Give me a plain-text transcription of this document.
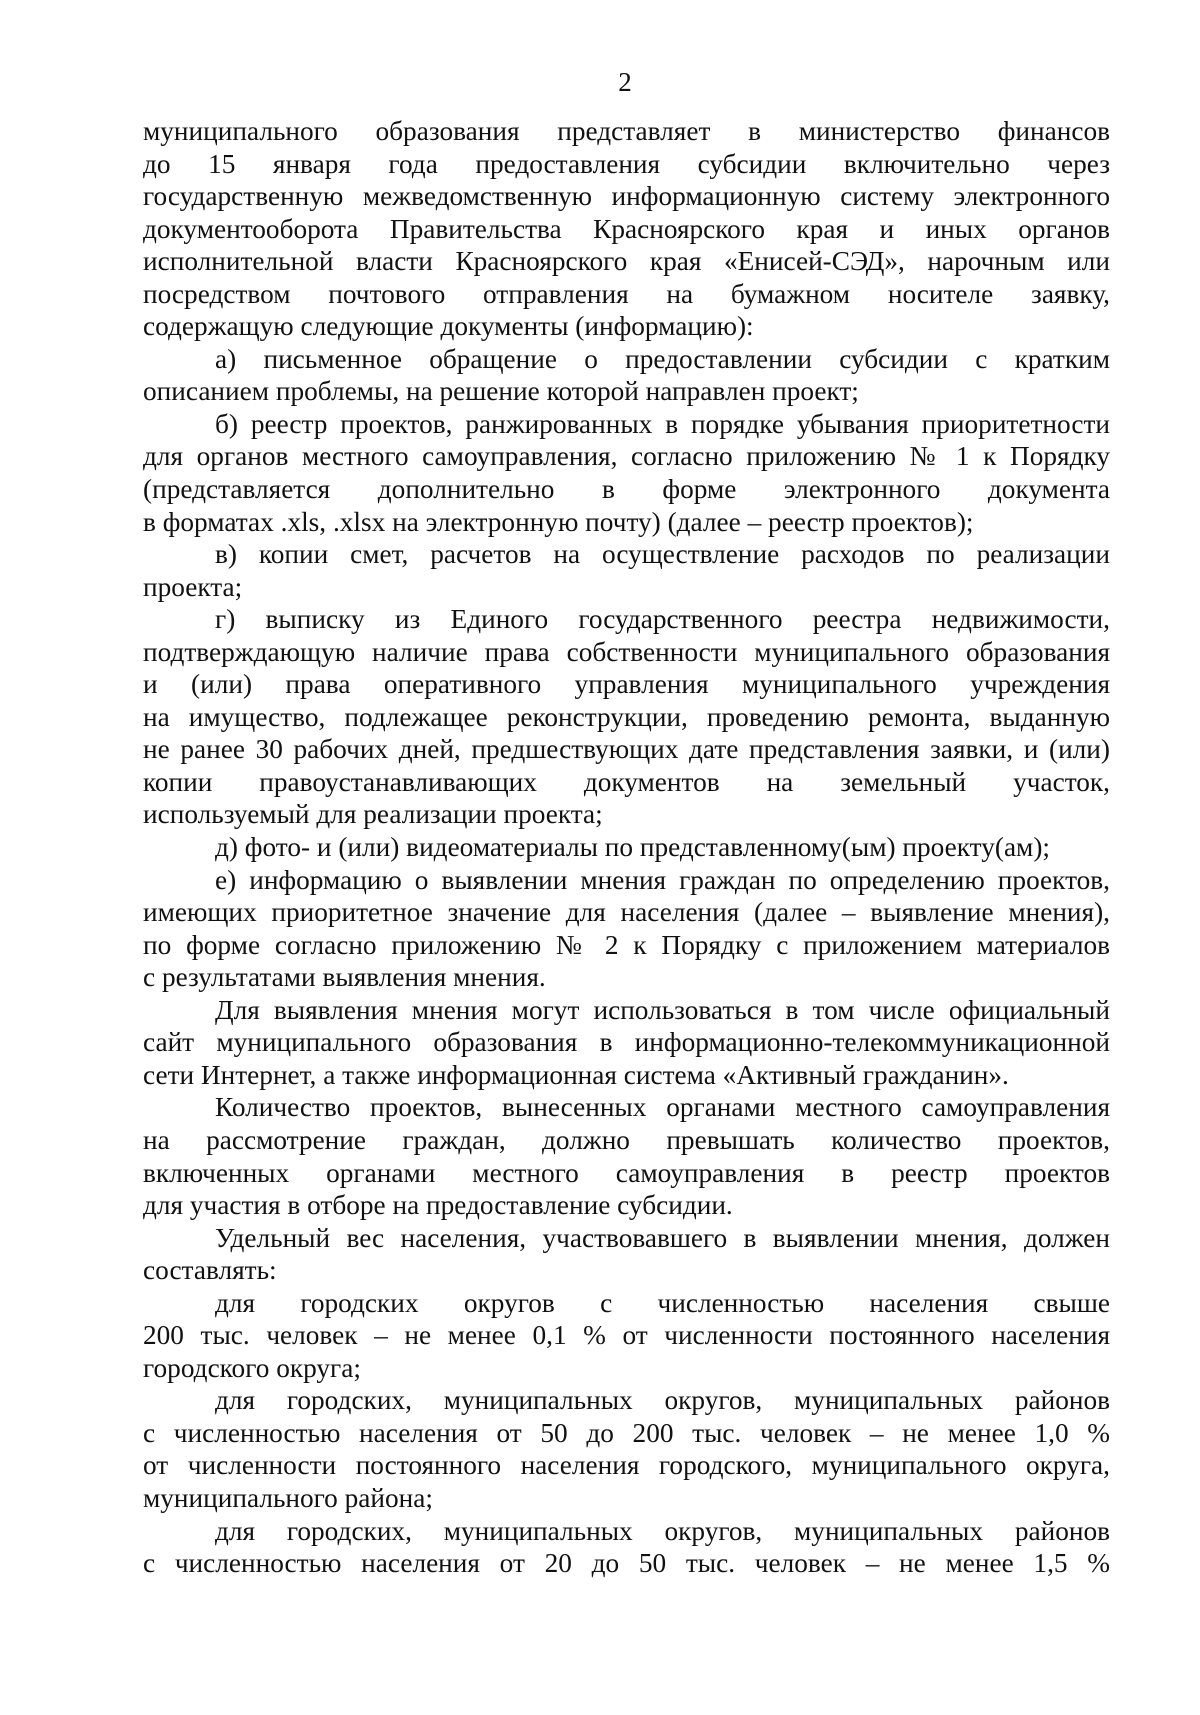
2
муниципального образования представляет в министерство финансов
до 15 января года предоставления субсидии включительно через
государственную межведомственную информационную систему электронного
документооборота Правительства Красноярского края и иных органов
исполнительной власти Красноярского края «Енисей-СЭД», нарочным или
посредством почтового отправления на бумажном носителе заявку,
содержащую следующие документы (информацию):
а) письменное обращение о предоставлении субсидии с кратким
описанием проблемы, на решение которой направлен проект;
б) реестр проектов, ранжированных в порядке убывания приоритетности
для органов местного самоуправления, согласно приложению № 1 к Порядку
(представляется дополнительно в форме электронного документа
в форматах .xls, .xlsx на электронную почту) (далее – реестр проектов);
в) копии смет, расчетов на осуществление расходов по реализации
проекта;
г) выписку из Единого государственного реестра недвижимости,
подтверждающую наличие права собственности муниципального образования
и (или) права оперативного управления муниципального учреждения
на имущество, подлежащее реконструкции, проведению ремонта, выданную
не ранее 30 рабочих дней, предшествующих дате представления заявки, и (или)
копии правоустанавливающих документов на земельный участок,
используемый для реализации проекта;
д) фото- и (или) видеоматериалы по представленному(ым) проекту(ам);
е) информацию о выявлении мнения граждан по определению проектов,
имеющих приоритетное значение для населения (далее – выявление мнения),
по форме согласно приложению № 2 к Порядку с приложением материалов
с результатами выявления мнения.
Для выявления мнения могут использоваться в том числе официальный
сайт муниципального образования в информационно-телекоммуникационной
сети Интернет, а также информационная система «Активный гражданин».
Количество проектов, вынесенных органами местного самоуправления
на рассмотрение граждан, должно превышать количество проектов,
включенных органами местного самоуправления в реестр проектов
для участия в отборе на предоставление субсидии.
Удельный вес населения, участвовавшего в выявлении мнения, должен
составлять:
для городских округов с численностью населения свыше
200 тыс. человек – не менее 0,1 % от численности постоянного населения
городского округа;
для городских, муниципальных округов, муниципальных районов
с численностью населения от 50 до 200 тыс. человек – не менее 1,0 %
от численности постоянного населения городского, муниципального округа,
муниципального района;
для городских, муниципальных округов, муниципальных районов
с численностью населения от 20 до 50 тыс. человек – не менее 1,5 %
